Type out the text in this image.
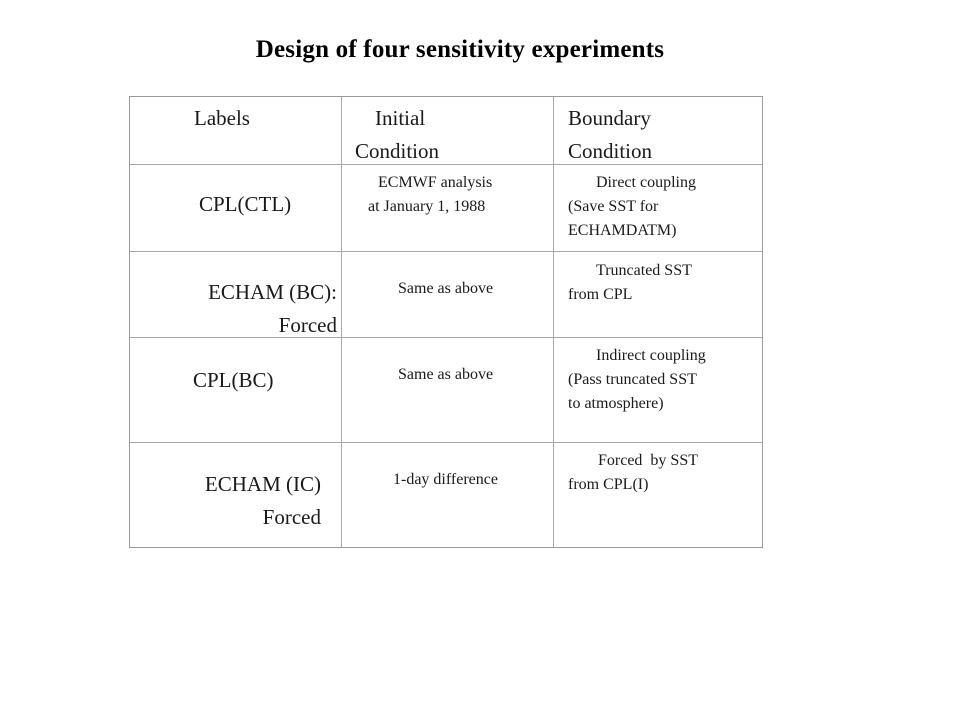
Design of four sensitivity experiments
Labels	Initial
Condition
Boundary
Condition
CPL(CTL)
ECMWF analysis
at January 1, 1988
Direct coupling
(Save SST for
ECHAMDATM)
ECHAM (BC):
Forced
Same as above
Truncated SST
from CPL
CPL(BC)	Same as above
Indirect coupling
(Pass truncated SST
to atmosphere)
ECHAM (IC)
Forced
1-day difference
Forced  by SST
from CPL(I)
